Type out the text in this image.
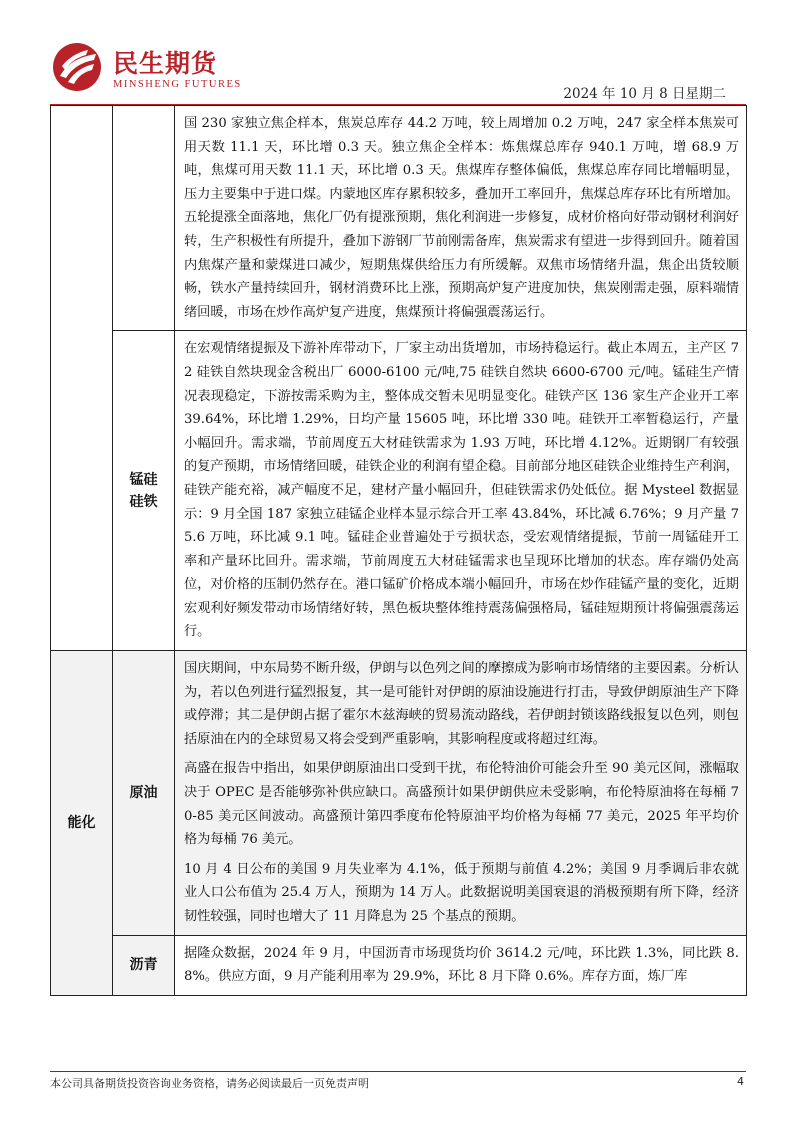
民生期货
MINSHENG FUTURES
2024 年 10 月 8 日星期二

		国 230 家独立焦企样本，焦炭总库存 44.2 万吨，较上周增加 0.2 万吨，247 家全样本焦炭可用天数 11.1 天，环比增 0.3 天。独立焦企全样本：炼焦煤总库存 940.1 万吨，增 68.9 万吨，焦煤可用天数 11.1 天，环比增 0.3 天。焦煤库存整体偏低，焦煤总库存同比增幅明显，压力主要集中于进口煤。内蒙地区库存累积较多，叠加开工率回升，焦煤总库存环比有所增加。五轮提涨全面落地，焦化厂仍有提涨预期，焦化利润进一步修复，成材价格向好带动钢材利润好转，生产积极性有所提升，叠加下游钢厂节前刚需备库，焦炭需求有望进一步得到回升。随着国内焦煤产量和蒙煤进口减少，短期焦煤供给压力有所缓解。双焦市场情绪升温，焦企出货较顺畅，铁水产量持续回升，钢材消费环比上涨，预期高炉复产进度加快，焦炭刚需走强，原料端情绪回暖，市场在炒作高炉复产进度，焦煤预计将偏强震荡运行。

	锰硅硅铁	在宏观情绪提振及下游补库带动下，厂家主动出货增加，市场持稳运行。截止本周五，主产区 72 硅铁自然块现金含税出厂 6000-6100 元/吨,75 硅铁自然块 6600-6700 元/吨。锰硅生产情况表现稳定，下游按需采购为主，整体成交暂未见明显变化。硅铁产区 136 家生产企业开工率 39.64%，环比增 1.29%，日均产量 15605 吨，环比增 330 吨。硅铁开工率暂稳运行，产量小幅回升。需求端，节前周度五大材硅铁需求为 1.93 万吨，环比增 4.12%。近期钢厂有较强的复产预期，市场情绪回暖，硅铁企业的利润有望企稳。目前部分地区硅铁企业维持生产利润，硅铁产能充裕，减产幅度不足，建材产量小幅回升，但硅铁需求仍处低位。据 Mysteel 数据显示：9 月全国 187 家独立硅锰企业样本显示综合开工率 43.84%，环比减 6.76%；9 月产量 75.6 万吨，环比减 9.1 吨。锰硅企业普遍处于亏损状态，受宏观情绪提振，节前一周锰硅开工率和产量环比回升。需求端，节前周度五大材硅锰需求也呈现环比增加的状态。库存端仍处高位，对价格的压制仍然存在。港口锰矿价格成本端小幅回升，市场在炒作硅锰产量的变化，近期宏观利好频发带动市场情绪好转，黑色板块整体维持震荡偏强格局，锰硅短期预计将偏强震荡运行。

能化	原油	国庆期间，中东局势不断升级，伊朗与以色列之间的摩擦成为影响市场情绪的主要因素。分析认为，若以色列进行猛烈报复，其一是可能针对伊朗的原油设施进行打击，导致伊朗原油生产下降或停滞；其二是伊朗占据了霍尔木兹海峡的贸易流动路线，若伊朗封锁该路线报复以色列，则包括原油在内的全球贸易又将会受到严重影响，其影响程度或将超过红海。

高盛在报告中指出，如果伊朗原油出口受到干扰，布伦特油价可能会升至 90 美元区间，涨幅取决于 OPEC 是否能够弥补供应缺口。高盛预计如果伊朗供应未受影响，布伦特原油将在每桶 70-85 美元区间波动。高盛预计第四季度布伦特原油平均价格为每桶 77 美元，2025 年平均价格为每桶 76 美元。

10 月 4 日公布的美国 9 月失业率为 4.1%，低于预期与前值 4.2%；美国 9 月季调后非农就业人口公布值为 25.4 万人，预期为 14 万人。此数据说明美国衰退的消极预期有所下降，经济韧性较强，同时也增大了 11 月降息为 25 个基点的预期。

	沥青	据隆众数据，2024 年 9 月，中国沥青市场现货均价 3614.2 元/吨，环比跌 1.3%，同比跌 8.8%。供应方面，9 月产能利用率为 29.9%，环比 8 月下降 0.6%。库存方面，炼厂库

本公司具备期货投资咨询业务资格，请务必阅读最后一页免责声明	4
